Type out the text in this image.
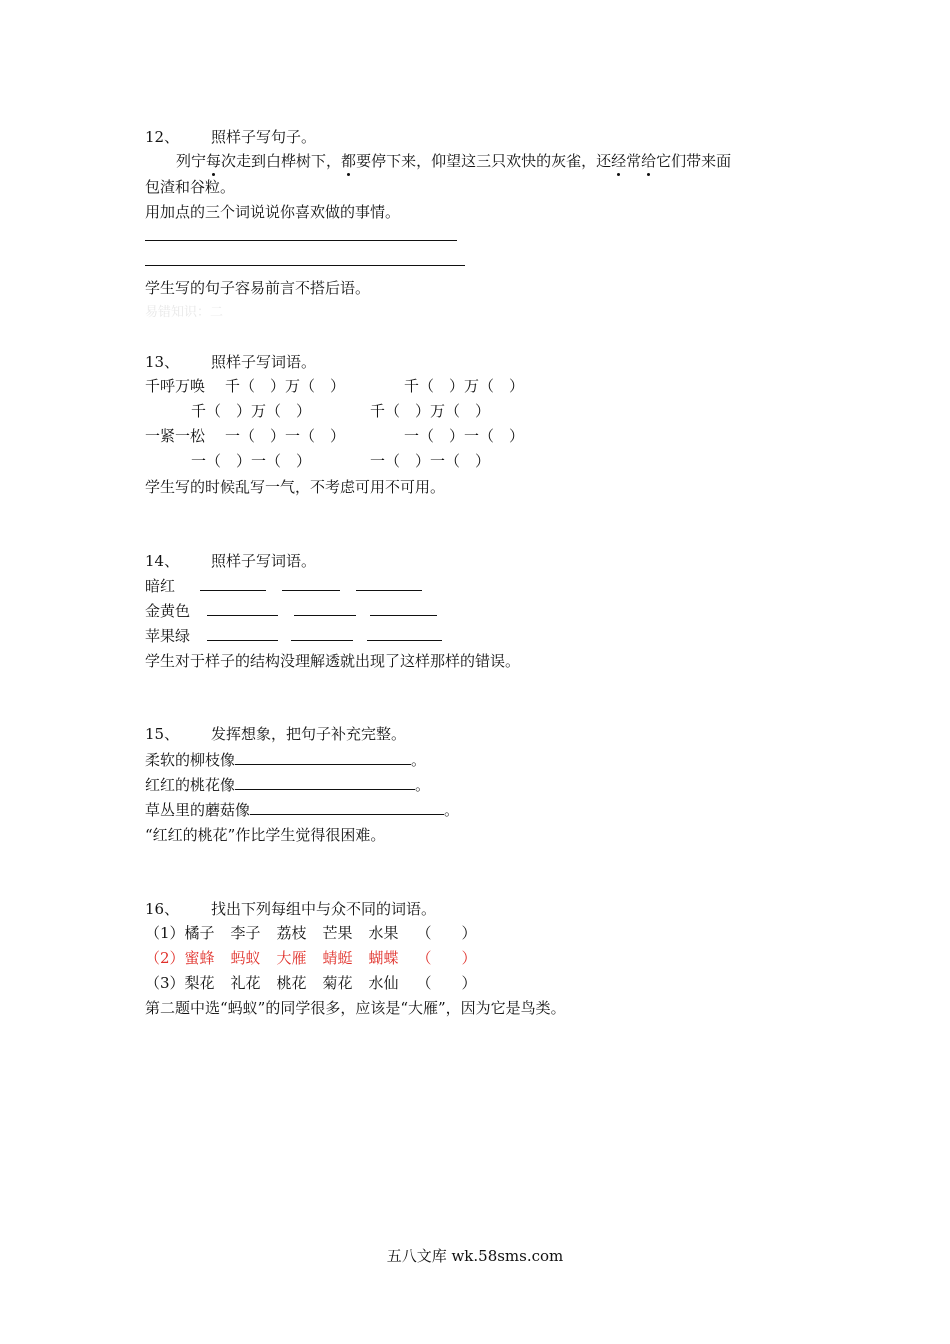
12、 照样子写句子。
列宁每次走到白桦树下，都要停下来，仰望这三只欢快的灰雀，还经常给它们带来面
包渣和谷粒。
用加点的三个词说说你喜欢做的事情。
学生写的句子容易前言不搭后语。
易错知识：二
13、 照样子写词语。
千呼万唤 千（　）万（　）	千（　）万（　）
千（　）万（　）	千（　）万（　）
一紧一松 一（　）一（　）	一（　）一（　）
一（　）一（　）	一（　）一（　）
学生写的时候乱写一气，不考虑可用不可用。
14、 照样子写词语。
暗红
金黄色
苹果绿
学生对于样子的结构没理解透就出现了这样那样的错误。
15、 发挥想象，把句子补充完整。
柔软的柳枝像	。
红红的桃花像	。
草丛里的蘑菇像	。
“红红的桃花”作比学生觉得很困难。
16、 找出下列每组中与众不同的词语。
（1）橘子 李子 荔枝 芒果 水果 （　　）
（2）蜜蜂 蚂蚁 大雁 蜻蜓 蝴蝶 （　　）
（3）梨花 礼花 桃花 菊花 水仙 （　　）
第二题中选“蚂蚁”的同学很多，应该是“大雁”，因为它是鸟类。
五八文库 wk.58sms.com
